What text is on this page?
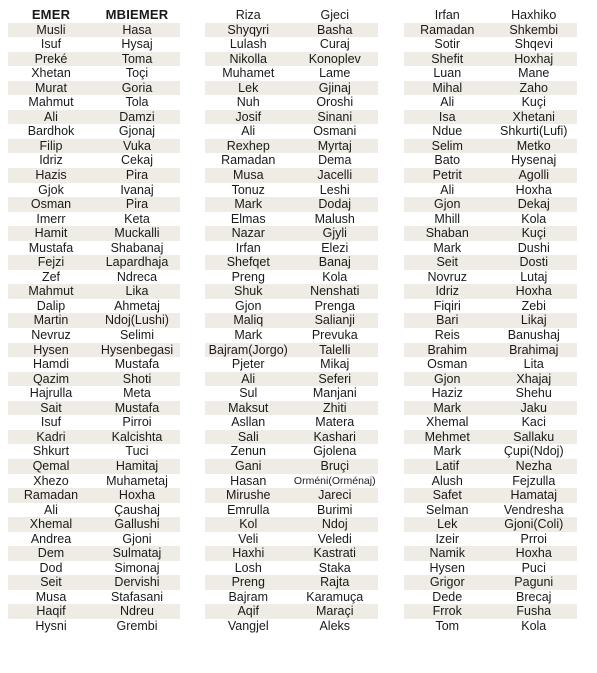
EMER	MBIEMER
Musli	Hasa
Isuf	Hysaj
Preké	Toma
Xhetan	Toçi
Murat	Goria
Mahmut	Tola
Ali	Damzi
Bardhok	Gjonaj
Filip	Vuka
Idriz	Cekaj
Hazis	Pira
Gjok	Ivanaj
Osman	Pira
Imerr	Keta
Hamit	Muckalli
Mustafa	Shabanaj
Fejzi	Lapardhaja
Zef	Ndreca
Mahmut	Lika
Dalip	Ahmetaj
Martin	Ndoj(Lushi)
Nevruz	Selimi
Hysen	Hysenbegasi
Hamdi	Mustafa
Qazim	Shoti
Hajrulla	Meta
Sait	Mustafa
Isuf	Pirroi
Kadri	Kalcishta
Shkurt	Tuci
Qemal	Hamitaj
Xhezo	Muhametaj
Ramadan	Hoxha
Ali	Çaushaj
Xhemal	Gallushi
Andrea	Gjoni
Dem	Sulmataj
Dod	Simonaj
Seit	Dervishi
Musa	Stafasani
Haqif	Ndreu
Hysni	Grembi
Riza	Gjeci
Shyqyri	Basha
Lulash	Curaj
Nikolla	Konoplev
Muhamet	Lame
Lek	Gjinaj
Nuh	Oroshi
Josif	Sinani
Ali	Osmani
Rexhep	Myrtaj
Ramadan	Dema
Musa	Jacelli
Tonuz	Leshi
Mark	Dodaj
Elmas	Malush
Nazar	Gjyli
Irfan	Elezi
Shefqet	Banaj
Preng	Kola
Shuk	Nenshati
Gjon	Prenga
Maliq	Salianji
Mark	Prevuka
Bajram(Jorgo)	Talelli
Pjeter	Mikaj
Ali	Seferi
Sul	Manjani
Maksut	Zhiti
Asllan	Matera
Sali	Kashari
Zenun	Gjolena
Gani	Bruçi
Hasan	Orméni(Orménaj)
Mirushe	Jareci
Emrulla	Burimi
Kol	Ndoj
Veli	Veledi
Haxhi	Kastrati
Losh	Staka
Preng	Rajta
Bajram	Karamuça
Aqif	Maraçi
Vangjel	Aleks
Irfan	Haxhiko
Ramadan	Shkembi
Sotir	Shqevi
Shefit	Hoxhaj
Luan	Mane
Mihal	Zaho
Ali	Kuçi
Isa	Xhetani
Ndue	Shkurti(Lufi)
Selim	Metko
Bato	Hysenaj
Petrit	Agolli
Ali	Hoxha
Gjon	Dekaj
Mhill	Kola
Shaban	Kuçi
Mark	Dushi
Seit	Dosti
Novruz	Lutaj
Idriz	Hoxha
Fiqiri	Zebi
Bari	Likaj
Reis	Banushaj
Brahim	Brahimaj
Osman	Lita
Gjon	Xhajaj
Haziz	Shehu
Mark	Jaku
Xhemal	Kaci
Mehmet	Sallaku
Mark	Çupi(Ndoj)
Latif	Nezha
Alush	Fejzulla
Safet	Hamataj
Selman	Vendresha
Lek	Gjoni(Coli)
Izeir	Prroi
Namik	Hoxha
Hysen	Puci
Grigor	Paguni
Dede	Brecaj
Frrok	Fusha
Tom	Kola
